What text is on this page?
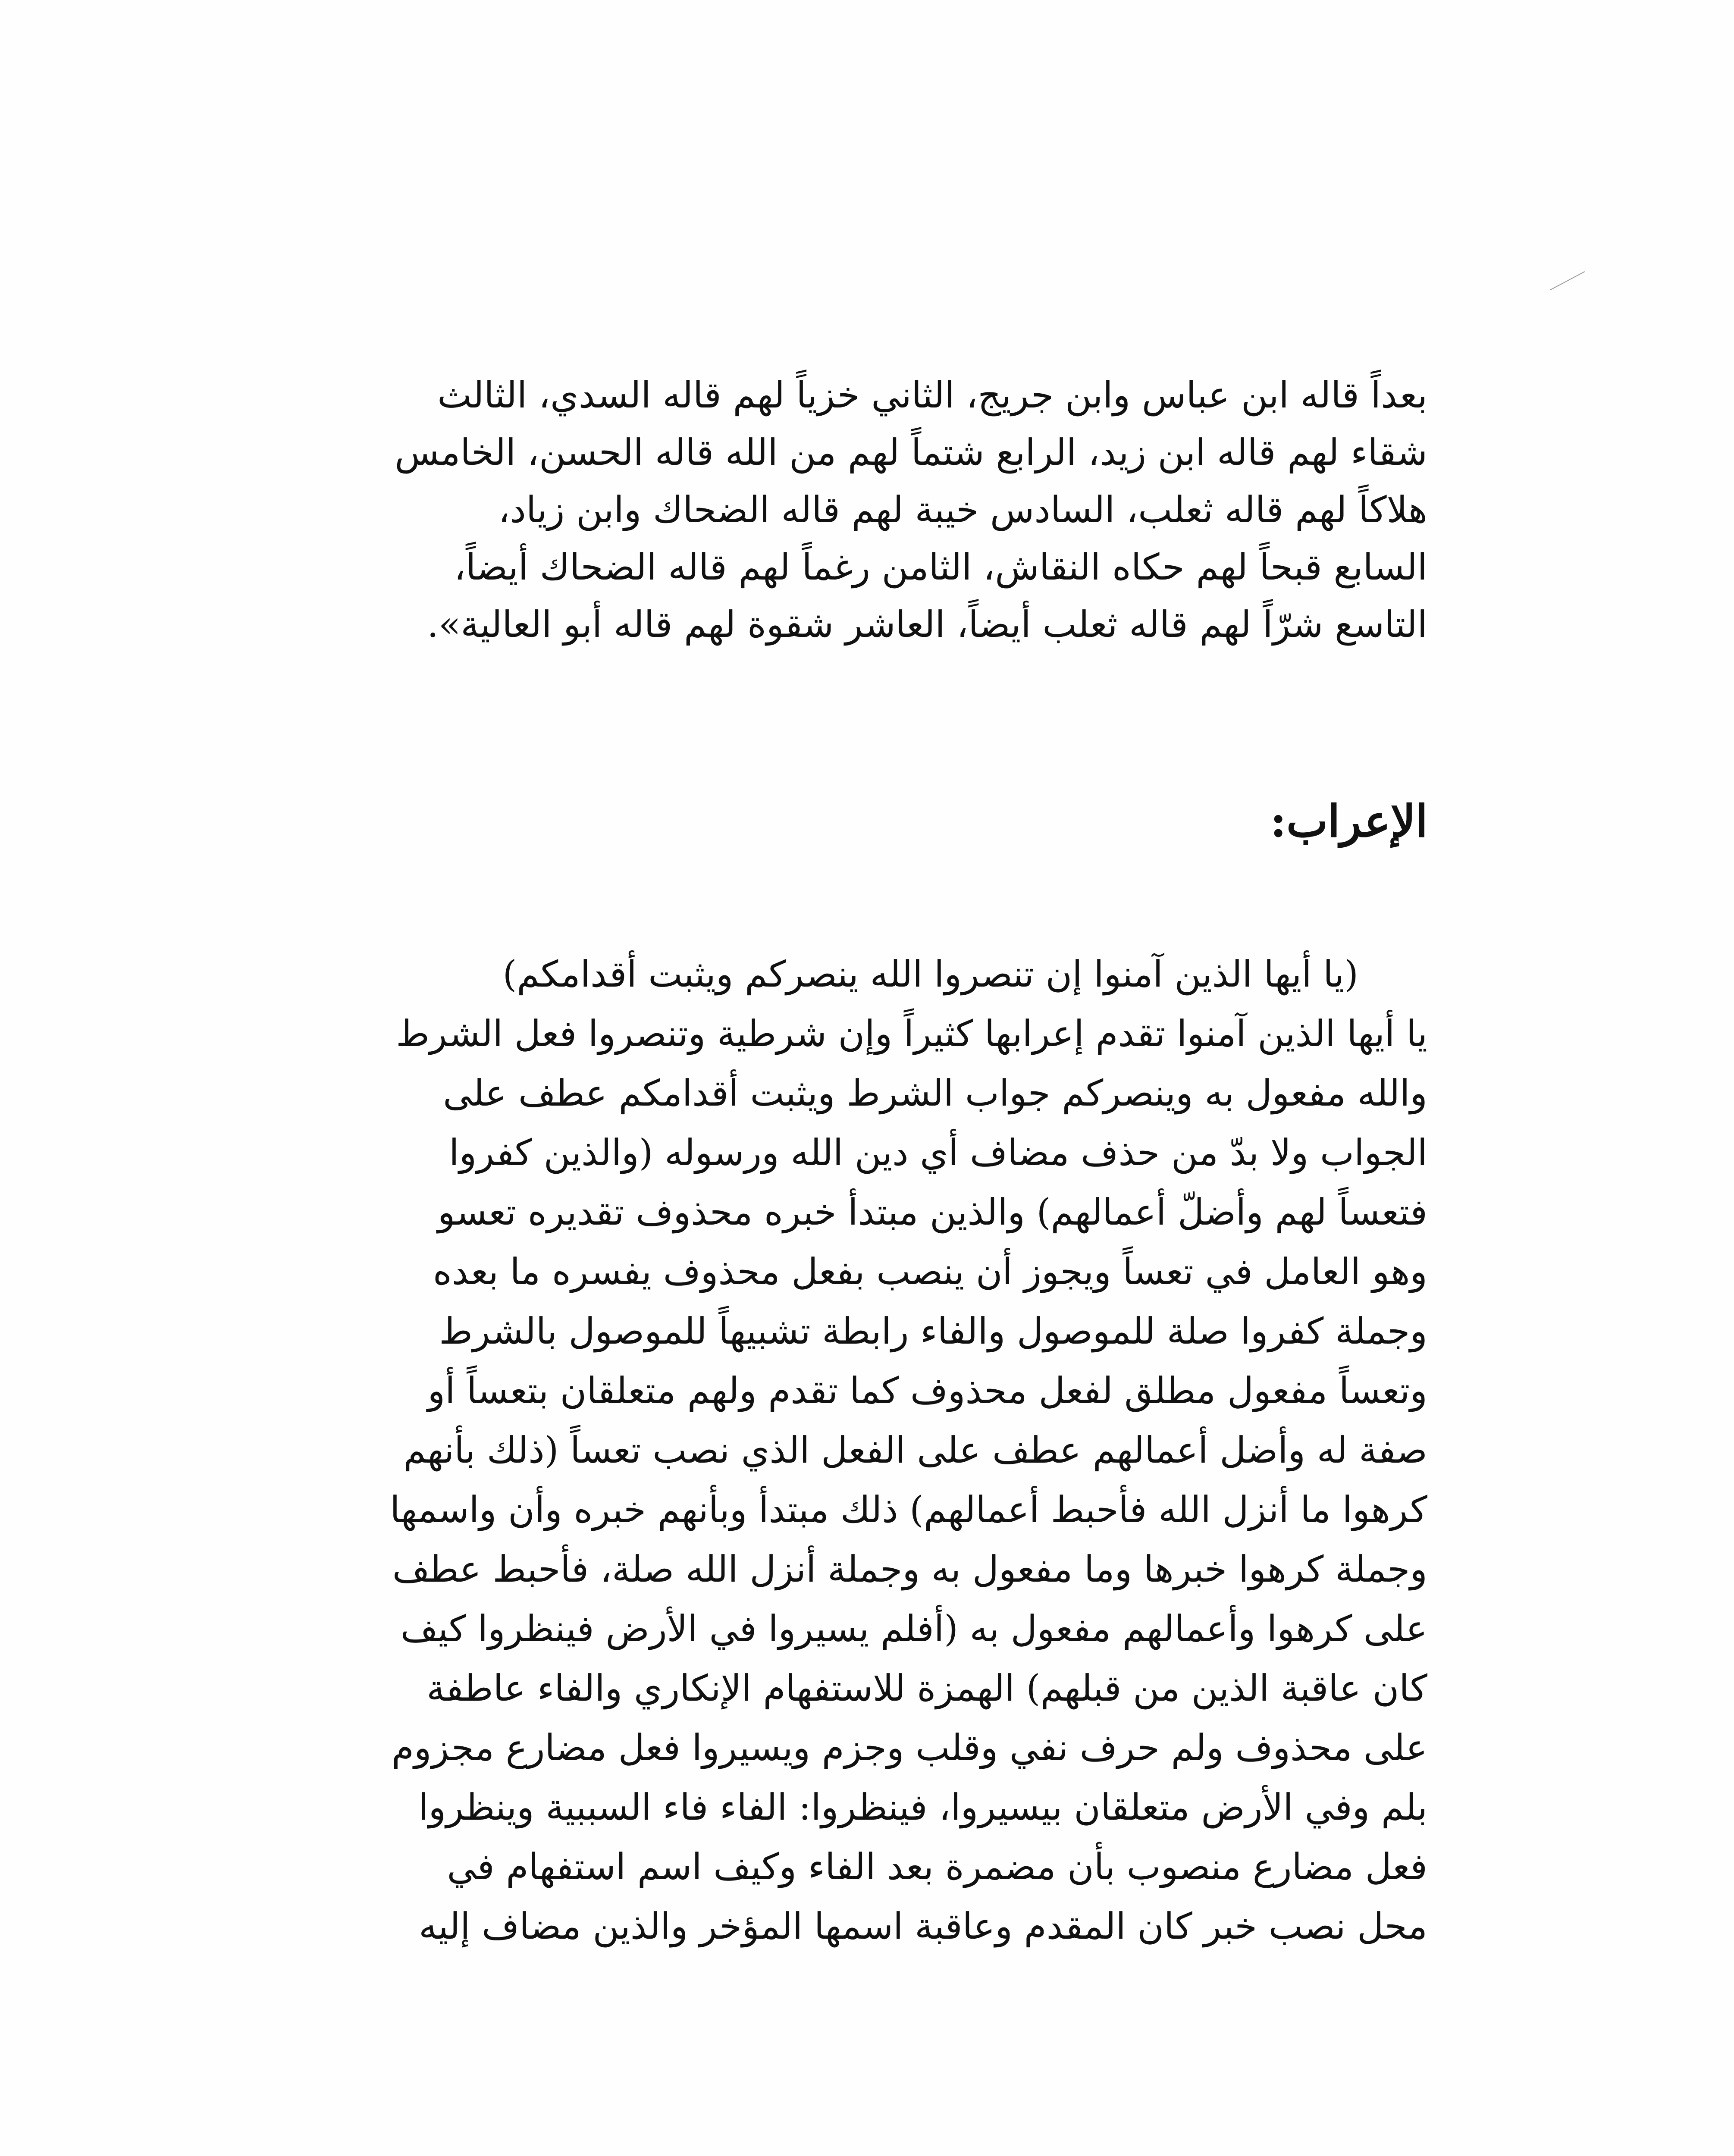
بعداً قاله ابن عباس وابن جريج، الثاني خزياً لهم قاله السدي، الثالث
شقاء لهم قاله ابن زيد، الرابع شتماً لهم من الله قاله الحسن، الخامس
هلاكاً لهم قاله ثعلب، السادس خيبة لهم قاله الضحاك وابن زياد،
السابع قبحاً لهم حكاه النقاش، الثامن رغماً لهم قاله الضحاك أيضاً،
التاسع شرّاً لهم قاله ثعلب أيضاً، العاشر شقوة لهم قاله أبو العالية».
الإعراب:
(يا أيها الذين آمنوا إن تنصروا الله ينصركم ويثبت أقدامكم)
يا أيها الذين آمنوا تقدم إعرابها كثيراً وإن شرطية وتنصروا فعل الشرط
والله مفعول به وينصركم جواب الشرط ويثبت أقدامكم عطف على
الجواب ولا بدّ من حذف مضاف أي دين الله ورسوله (والذين كفروا
فتعساً لهم وأضلّ أعمالهم) والذين مبتدأ خبره محذوف تقديره تعسو
وهو العامل في تعساً ويجوز أن ينصب بفعل محذوف يفسره ما بعده
وجملة كفروا صلة للموصول والفاء رابطة تشبيهاً للموصول بالشرط
وتعساً مفعول مطلق لفعل محذوف كما تقدم ولهم متعلقان بتعساً أو
صفة له وأضل أعمالهم عطف على الفعل الذي نصب تعساً (ذلك بأنهم
كرهوا ما أنزل الله فأحبط أعمالهم) ذلك مبتدأ وبأنهم خبره وأن واسمها
وجملة كرهوا خبرها وما مفعول به وجملة أنزل الله صلة، فأحبط عطف
على كرهوا وأعمالهم مفعول به (أفلم يسيروا في الأرض فينظروا كيف
كان عاقبة الذين من قبلهم) الهمزة للاستفهام الإنكاري والفاء عاطفة
على محذوف ولم حرف نفي وقلب وجزم ويسيروا فعل مضارع مجزوم
بلم وفي الأرض متعلقان بيسيروا، فينظروا: الفاء فاء السببية وينظروا
فعل مضارع منصوب بأن مضمرة بعد الفاء وكيف اسم استفهام في
محل نصب خبر كان المقدم وعاقبة اسمها المؤخر والذين مضاف إليه
